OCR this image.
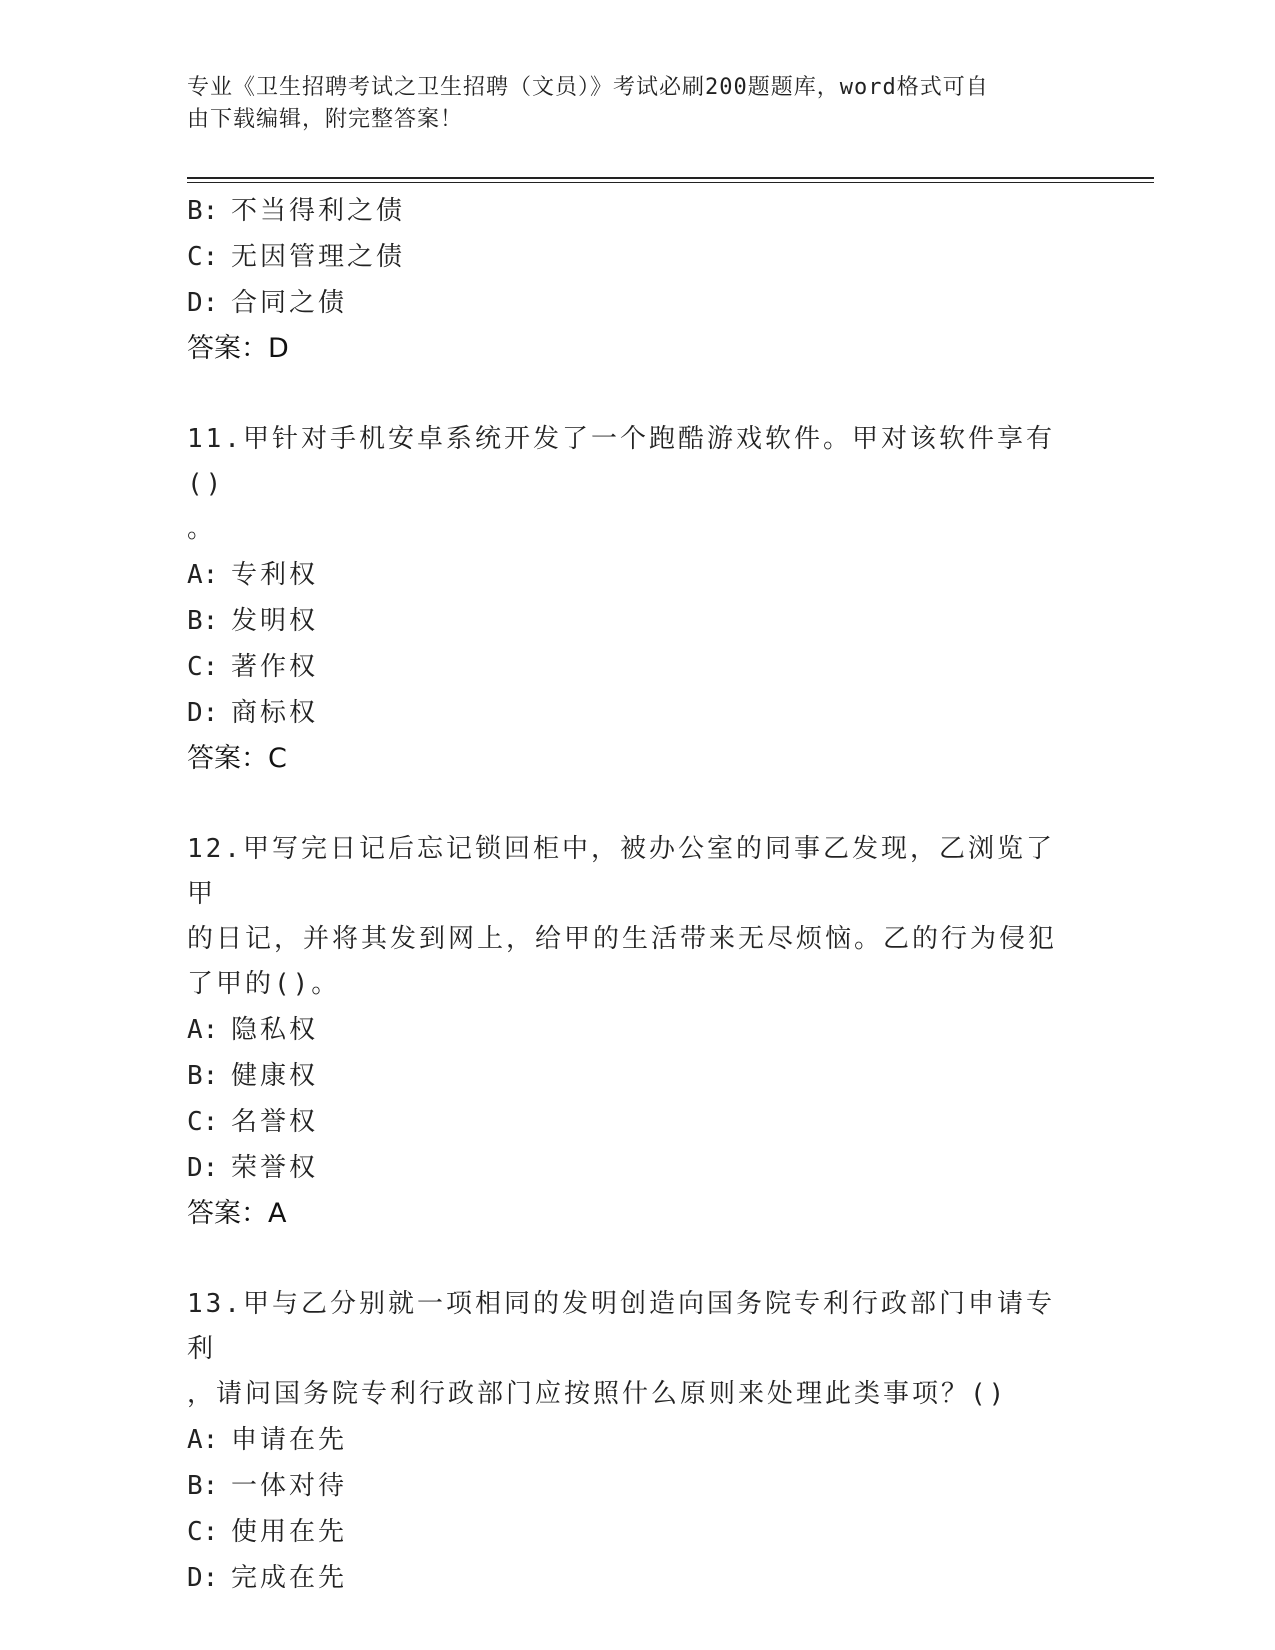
专业《卫生招聘考试之卫生招聘（文员）》考试必刷200题题库，word格式可自
由下载编辑，附完整答案！
B: 不当得利之债
C: 无因管理之债
D: 合同之债
答案：D
11.甲针对手机安卓系统开发了一个跑酷游戏软件。甲对该软件享有()
。
A: 专利权
B: 发明权
C: 著作权
D: 商标权
答案：C
12.甲写完日记后忘记锁回柜中，被办公室的同事乙发现，乙浏览了甲
的日记，并将其发到网上，给甲的生活带来无尽烦恼。乙的行为侵犯
了甲的()。
A: 隐私权
B: 健康权
C: 名誉权
D: 荣誉权
答案：A
13.甲与乙分别就一项相同的发明创造向国务院专利行政部门申请专利
，请问国务院专利行政部门应按照什么原则来处理此类事项？()
A: 申请在先
B: 一体对待
C: 使用在先
D: 完成在先
